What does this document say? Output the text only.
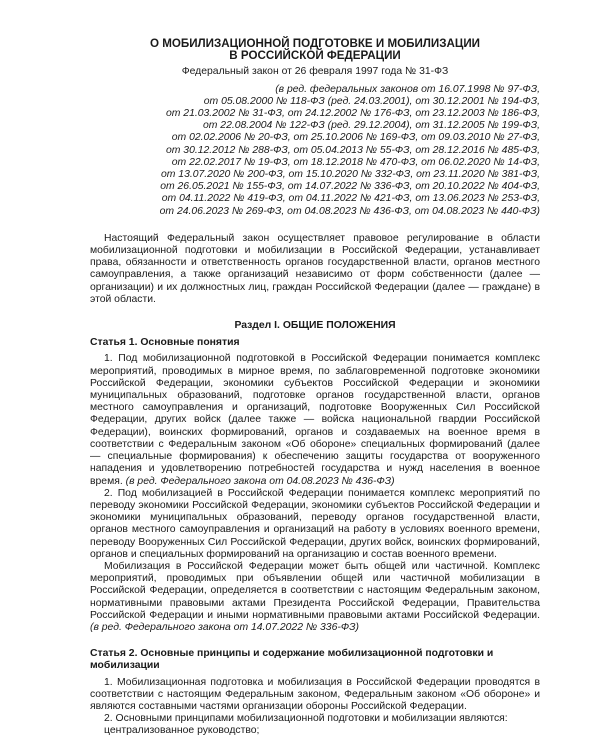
О МОБИЛИЗАЦИОННОЙ ПОДГОТОВКЕ И МОБИЛИЗАЦИИ
В РОССИЙСКОЙ ФЕДЕРАЦИИ

Федеральный закон от 26 февраля 1997 года № 31-ФЗ

(в ред. федеральных законов от 16.07.1998 № 97-ФЗ,
от 05.08.2000 № 118-ФЗ (ред. 24.03.2001), от 30.12.2001 № 194-ФЗ,
от 21.03.2002 № 31-ФЗ, от 24.12.2002 № 176-ФЗ, от 23.12.2003 № 186-ФЗ,
от 22.08.2004 № 122-ФЗ (ред. 29.12.2004), от 31.12.2005 № 199-ФЗ,
от 02.02.2006 № 20-ФЗ, от 25.10.2006 № 169-ФЗ, от 09.03.2010 № 27-ФЗ,
от 30.12.2012 № 288-ФЗ, от 05.04.2013 № 55-ФЗ, от 28.12.2016 № 485-ФЗ,
от 22.02.2017 № 19-ФЗ, от 18.12.2018 № 470-ФЗ, от 06.02.2020 № 14-ФЗ,
от 13.07.2020 № 200-ФЗ, от 15.10.2020 № 332-ФЗ, от 23.11.2020 № 381-ФЗ,
от 26.05.2021 № 155-ФЗ, от 14.07.2022 № 336-ФЗ, от 20.10.2022 № 404-ФЗ,
от 04.11.2022 № 419-ФЗ, от 04.11.2022 № 421-ФЗ, от 13.06.2023 № 253-ФЗ,
от 24.06.2023 № 269-ФЗ, от 04.08.2023 № 436-ФЗ, от 04.08.2023 № 440-ФЗ)

Настоящий Федеральный закон осуществляет правовое регулирование в области мобилизационной подготовки и мобилизации в Российской Федерации, устанавливает права, обязанности и ответственность органов государственной власти, органов местного самоуправления, а также организаций независимо от форм собственности (далее — организации) и их должностных лиц, граждан Российской Федерации (далее — граждане) в этой области.

Раздел I. ОБЩИЕ ПОЛОЖЕНИЯ
Статья 1. Основные понятия

1. Под мобилизационной подготовкой в Российской Федерации понимается комплекс мероприятий, проводимых в мирное время, по заблаговременной подготовке экономики Российской Федерации, экономики субъектов Российской Федерации и экономики муниципальных образований, подготовке органов государственной власти, органов местного самоуправления и организаций, подготовке Вооруженных Сил Российской Федерации, других войск (далее также — войска национальной гвардии Российской Федерации), воинских формирований, органов и создаваемых на военное время в соответствии с Федеральным законом «Об обороне» специальных формирований (далее — специальные формирования) к обеспечению защиты государства от вооруженного нападения и удовлетворению потребностей государства и нужд населения в военное время. (в ред. Федерального закона от 04.08.2023 № 436-ФЗ)

2. Под мобилизацией в Российской Федерации понимается комплекс мероприятий по переводу экономики Российской Федерации, экономики субъектов Российской Федерации и экономики муниципальных образований, переводу органов государственной власти, органов местного самоуправления и организаций на работу в условиях военного времени, переводу Вооруженных Сил Российской Федерации, других войск, воинских формирований, органов и специальных формирований на организацию и состав военного времени.

Мобилизация в Российской Федерации может быть общей или частичной. Комплекс мероприятий, проводимых при объявлении общей или частичной мобилизации в Российской Федерации, определяется в соответствии с настоящим Федеральным законом, нормативными правовыми актами Президента Российской Федерации, Правительства Российской Федерации и иными нормативными правовыми актами Российской Федерации. (в ред. Федерального закона от 14.07.2022 № 336-ФЗ)

Статья 2. Основные принципы и содержание мобилизационной подготовки и мобилизации

1. Мобилизационная подготовка и мобилизация в Российской Федерации проводятся в соответствии с настоящим Федеральным законом, Федеральным законом «Об обороне» и являются составными частями организации обороны Российской Федерации.

2. Основными принципами мобилизационной подготовки и мобилизации являются:

централизованное руководство;
